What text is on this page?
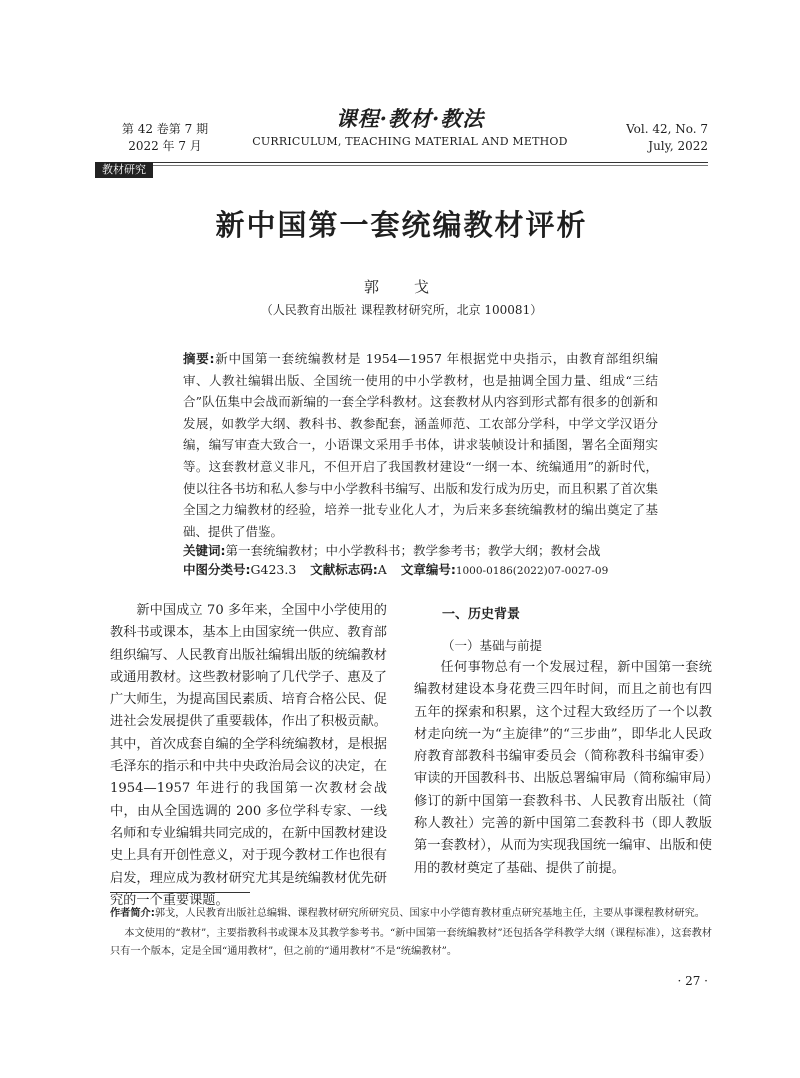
第 42 卷第 7 期
2022 年 7 月
课程·教材·教法
CURRICULUM, TEACHING MATERIAL AND METHOD
Vol. 42, No. 7
July, 2022
教材研究
新中国第一套统编教材评析
郭　戈
（人民教育出版社 课程教材研究所，北京 100081）
摘要:新中国第一套统编教材是 1954—1957 年根据党中央指示，由教育部组织编审、人教社编辑出版、全国统一使用的中小学教材，也是抽调全国力量、组成“三结合”队伍集中会战而新编的一套全学科教材。这套教材从内容到形式都有很多的创新和发展，如教学大纲、教科书、教参配套，涵盖师范、工农部分学科，中学文学汉语分编，编写审查大致合一，小语课文采用手书体，讲求装帧设计和插图，署名全面翔实等。这套教材意义非凡，不但开启了我国教材建设“一纲一本、统编通用”的新时代，使以往各书坊和私人参与中小学教科书编写、出版和发行成为历史，而且积累了首次集全国之力编教材的经验，培养一批专业化人才，为后来多套统编教材的编出奠定了基础、提供了借鉴。
关键词:第一套统编教材；中小学教科书；教学参考书；教学大纲；教材会战
中图分类号:G423.3 文献标志码:A 文章编号:1000-0186(2022)07-0027-09

新中国成立 70 多年来，全国中小学使用的教科书或课本，基本上由国家统一供应、教育部组织编写、人民教育出版社编辑出版的统编教材或通用教材。这些教材影响了几代学子、惠及了广大师生，为提高国民素质、培育合格公民、促进社会发展提供了重要载体，作出了积极贡献。其中，首次成套自编的全学科统编教材，是根据毛泽东的指示和中共中央政治局会议的决定，在 1954—1957 年进行的我国第一次教材会战中，由从全国选调的 200 多位学科专家、一线名师和专业编辑共同完成的，在新中国教材建设史上具有开创性意义，对于现今教材工作也很有启发，理应成为教材研究尤其是统编教材优先研究的一个重要课题。

一、历史背景
（一）基础与前提

任何事物总有一个发展过程，新中国第一套统编教材建设本身花费三四年时间，而且之前也有四五年的探索和积累，这个过程大致经历了一个以教材走向统一为“主旋律”的“三步曲”，即华北人民政府教育部教科书编审委员会（简称教科书编审委）审读的开国教科书、出版总署编审局（简称编审局）修订的新中国第一套教科书、人民教育出版社（简称人教社）完善的新中国第二套教科书（即人教版第一套教材），从而为实现我国统一编审、出版和使用的教材奠定了基础、提供了前提。

作者简介:郭戈，人民教育出版社总编辑、课程教材研究所研究员、国家中小学德育教材重点研究基地主任，主要从事课程教材研究。

本文使用的“教材”，主要指教科书或课本及其教学参考书。“新中国第一套统编教材”还包括各学科教学大纲（课程标准），这套教材只有一个版本，定是全国“通用教材”，但之前的“通用教材”不是“统编教材”。

· 27 ·
